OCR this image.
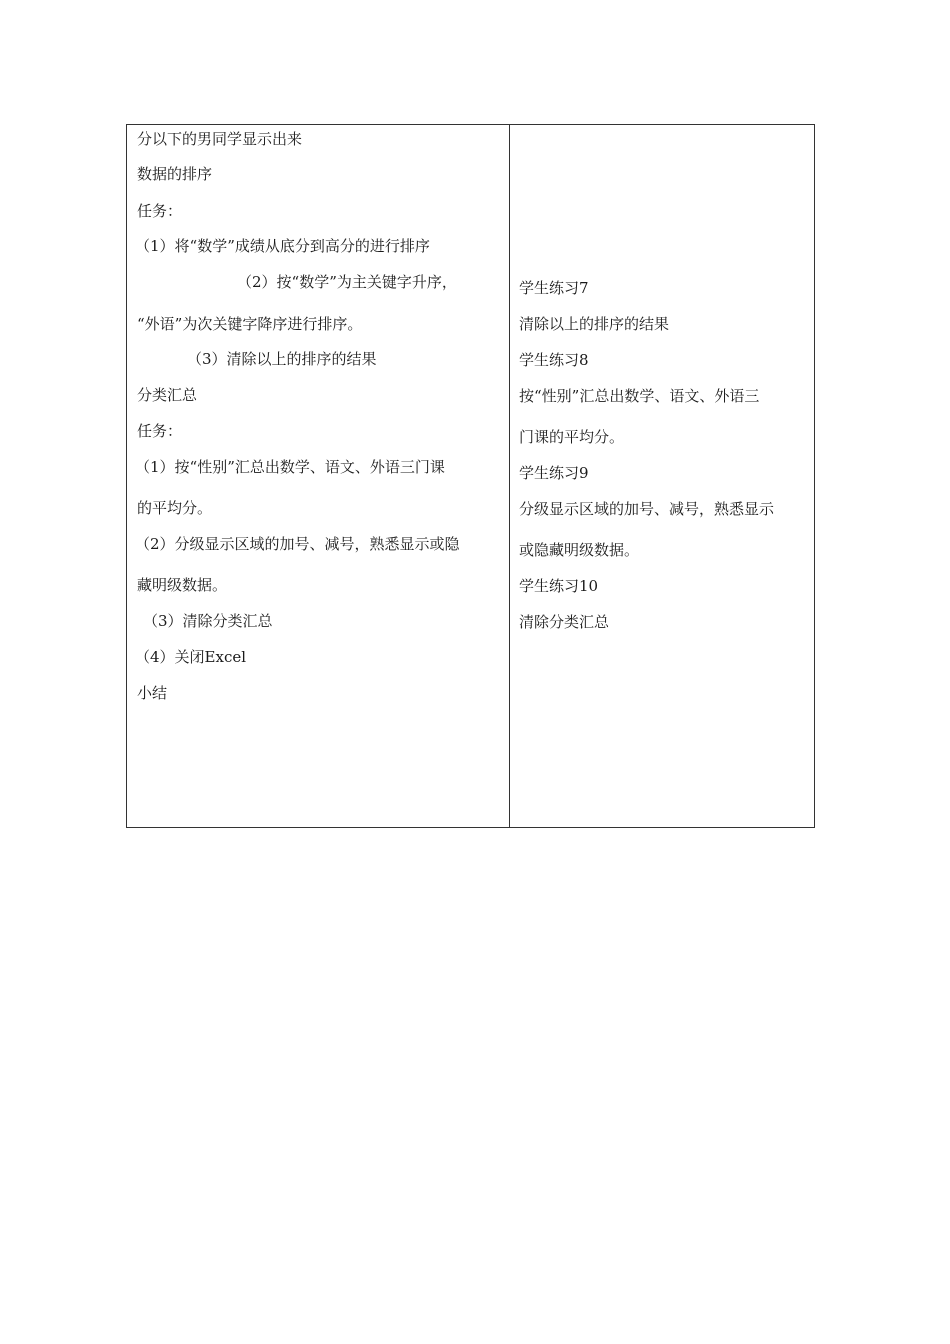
分以下的男同学显示出来
数据的排序
任务：
（1）将“数学”成绩从底分到高分的进行排序
（2）按“数学”为主关键字升序，
“外语”为次关键字降序进行排序。
（3）清除以上的排序的结果
分类汇总
任务：
（1）按“性别”汇总出数学、语文、外语三门课
的平均分。
（2）分级显示区域的加号、减号，熟悉显示或隐
藏明级数据。
（3）清除分类汇总
（4）关闭Excel
小结
学生练习7
清除以上的排序的结果
学生练习8
按“性别”汇总出数学、语文、外语三
门课的平均分。
学生练习9
分级显示区域的加号、减号，熟悉显示
或隐藏明级数据。
学生练习10
清除分类汇总
